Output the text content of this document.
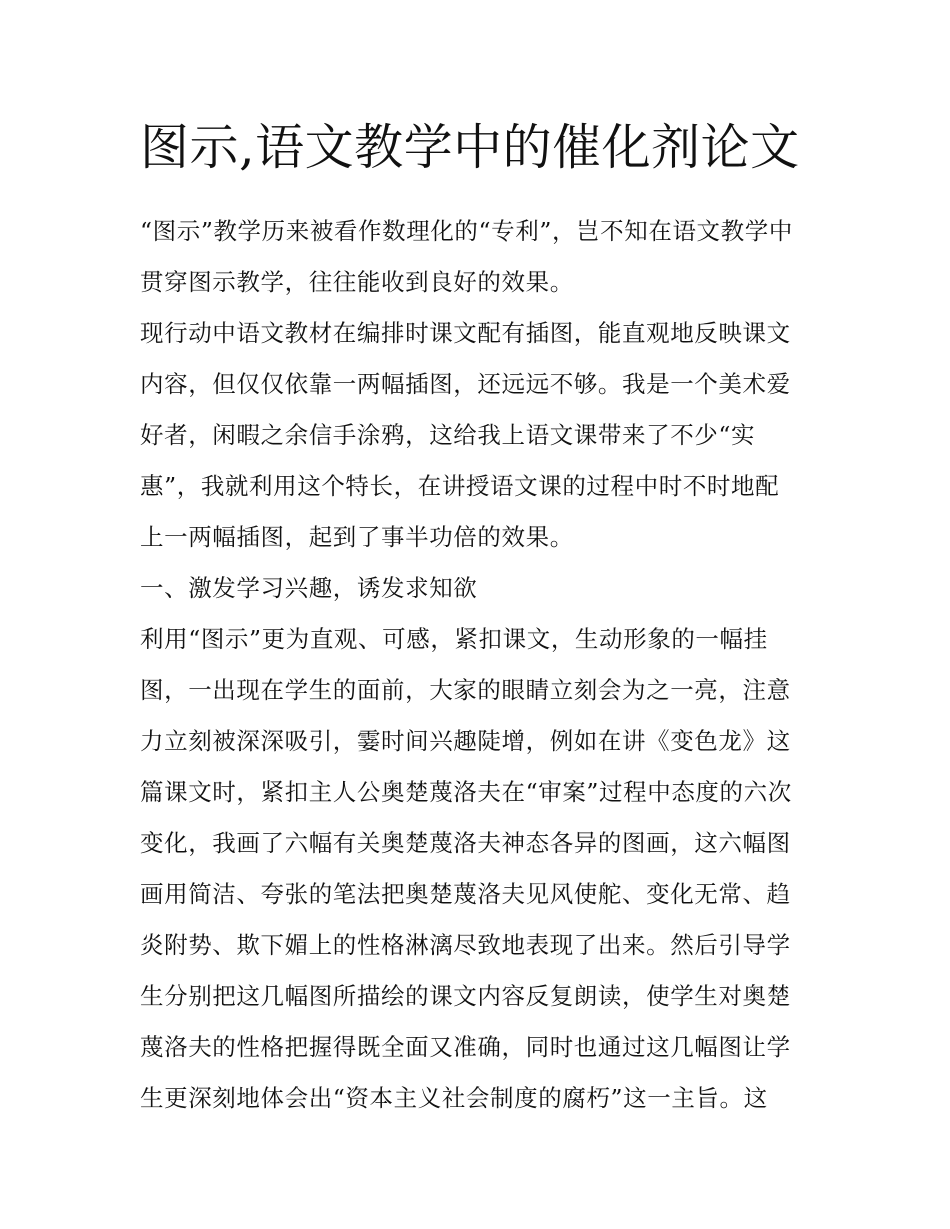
图示,语文教学中的催化剂论文

“图示”教学历来被看作数理化的“专利”，岂不知在语文教学中

贯穿图示教学，往往能收到良好的效果。

现行动中语文教材在编排时课文配有插图，能直观地反映课文

内容，但仅仅依靠一两幅插图，还远远不够。我是一个美术爱

好者，闲暇之余信手涂鸦，这给我上语文课带来了不少“实

惠”，我就利用这个特长，在讲授语文课的过程中时不时地配

上一两幅插图，起到了事半功倍的效果。

一、激发学习兴趣，诱发求知欲

利用“图示”更为直观、可感，紧扣课文，生动形象的一幅挂

图，一出现在学生的面前，大家的眼睛立刻会为之一亮，注意

力立刻被深深吸引，霎时间兴趣陡增，例如在讲《变色龙》这

篇课文时，紧扣主人公奥楚蔑洛夫在“审案”过程中态度的六次

变化，我画了六幅有关奥楚蔑洛夫神态各异的图画，这六幅图

画用简洁、夸张的笔法把奥楚蔑洛夫见风使舵、变化无常、趋

炎附势、欺下媚上的性格淋漓尽致地表现了出来。然后引导学

生分别把这几幅图所描绘的课文内容反复朗读，使学生对奥楚

蔑洛夫的性格把握得既全面又准确，同时也通过这几幅图让学

生更深刻地体会出“资本主义社会制度的腐朽”这一主旨。这
